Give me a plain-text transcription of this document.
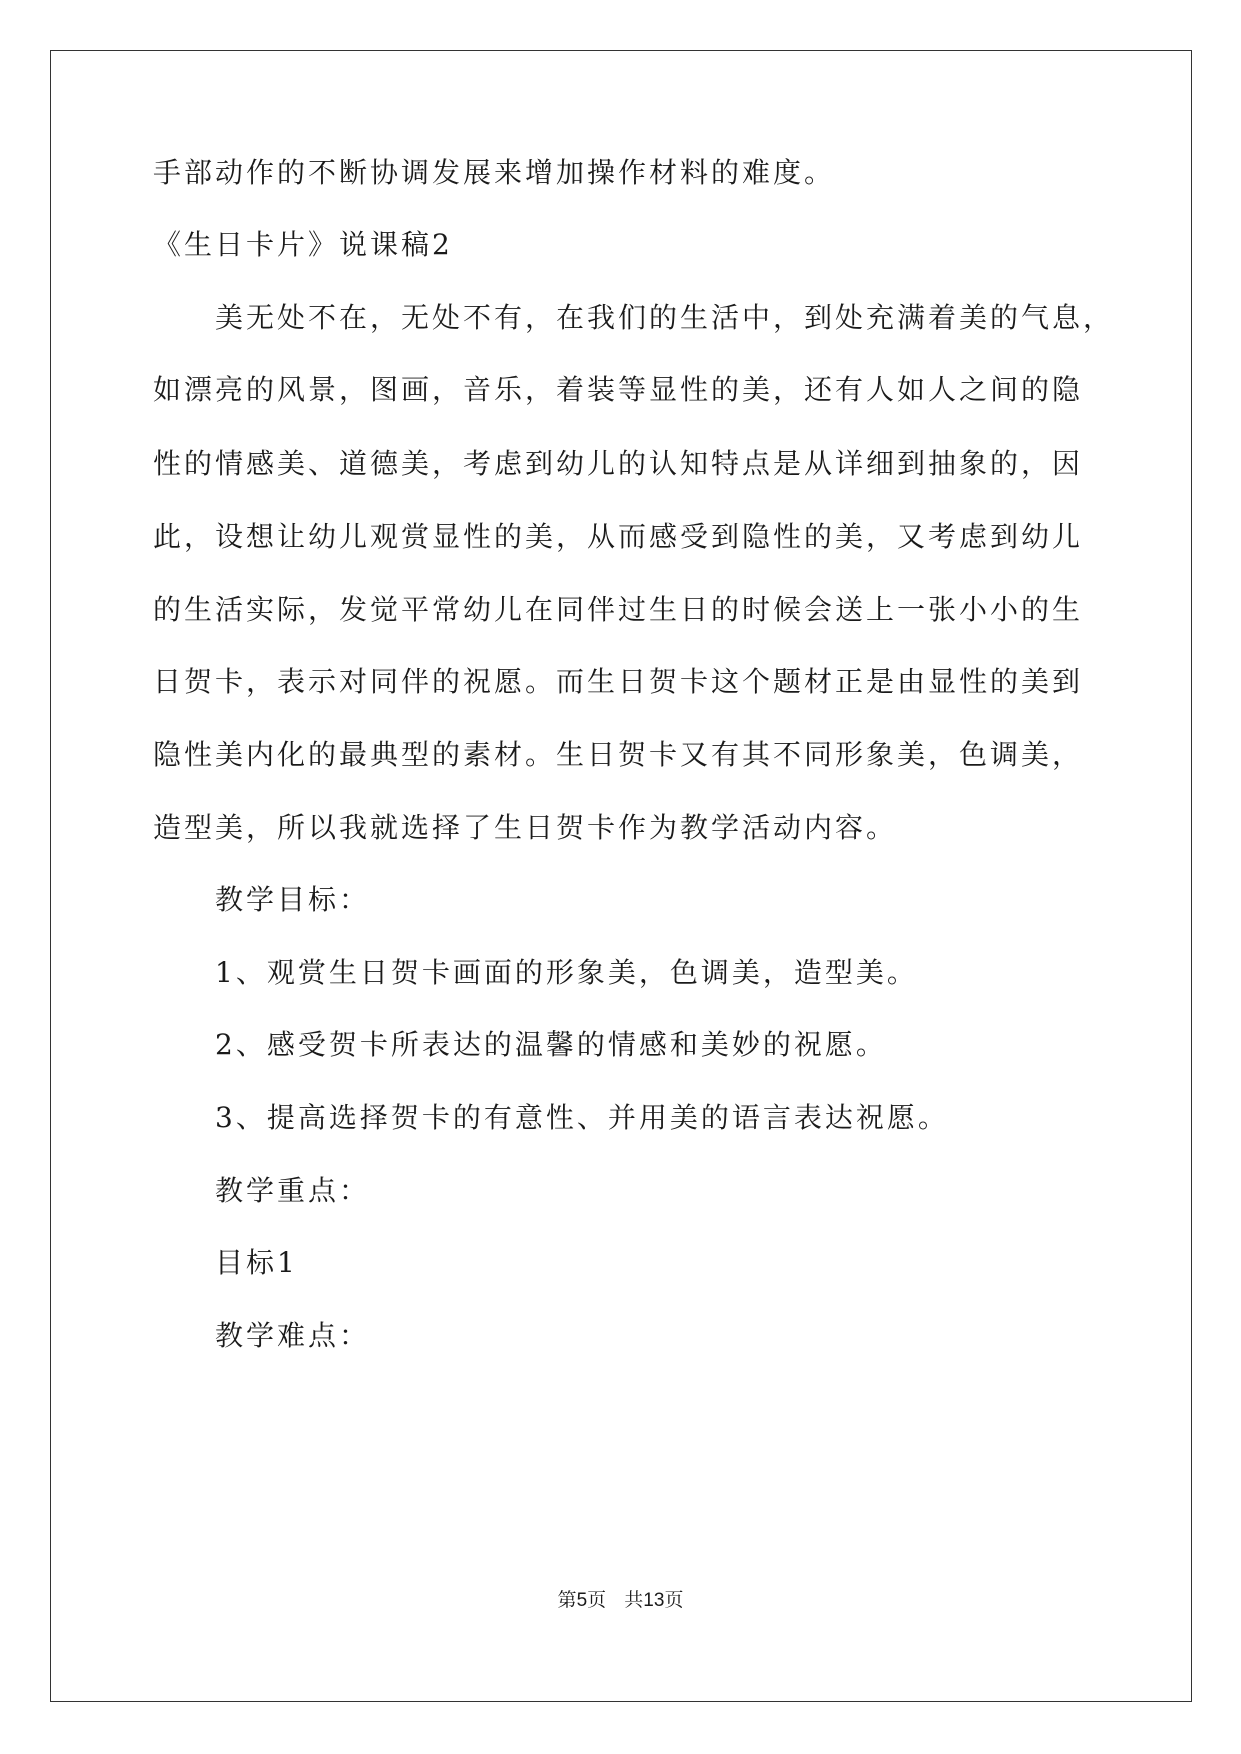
手部动作的不断协调发展来增加操作材料的难度。
《生日卡片》说课稿2
美无处不在，无处不有，在我们的生活中，到处充满着美的气息，
如漂亮的风景，图画，音乐，着装等显性的美，还有人如人之间的隐
性的情感美、道德美，考虑到幼儿的认知特点是从详细到抽象的，因
此，设想让幼儿观赏显性的美，从而感受到隐性的美，又考虑到幼儿
的生活实际，发觉平常幼儿在同伴过生日的时候会送上一张小小的生
日贺卡，表示对同伴的祝愿。而生日贺卡这个题材正是由显性的美到
隐性美内化的最典型的素材。生日贺卡又有其不同形象美，色调美，
造型美，所以我就选择了生日贺卡作为教学活动内容。
教学目标：
1、观赏生日贺卡画面的形象美，色调美，造型美。
2、感受贺卡所表达的温馨的情感和美妙的祝愿。
3、提高选择贺卡的有意性、并用美的语言表达祝愿。
教学重点：
目标1
教学难点：
第5页 共13页
